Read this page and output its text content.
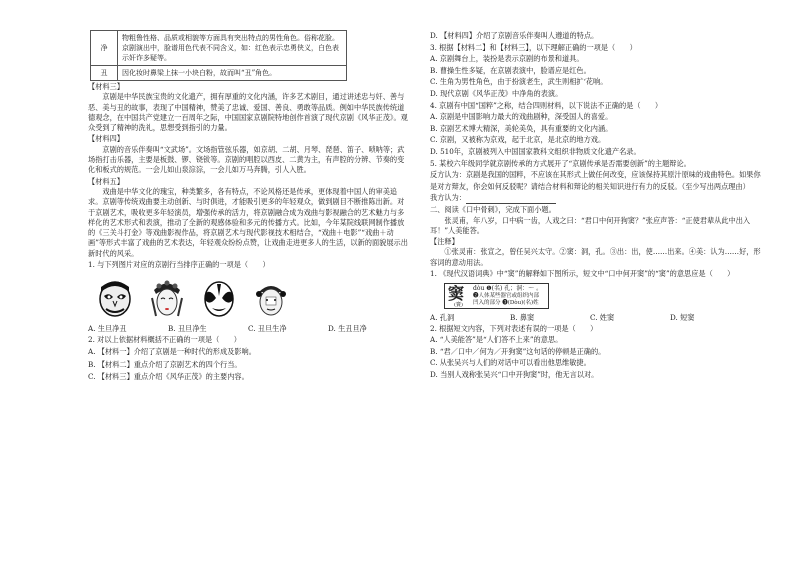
净	物粗鲁性格、品质或相貌等方面具有突出特点的男性角色。俗称花脸。京剧演出中，脸谱用色代表不同含义，如：红色表示忠勇侠义，白色表示奸诈多疑等。
丑	因化妆时鼻梁上抹一小块白粉，故而叫“丑”角色。

【材料三】

京剧是中华民族宝贵的文化遗产，拥有厚重的文化内涵，许多艺术剧目，通过讲述忠与奸、善与恶、美与丑的故事，表现了中国精神，赞美了忠诚、爱国、善良、勇敢等品质。例如中华民族传统道德观念，在中国共产党建立一百周年之际，中国国家京剧院特地创作首演了现代京剧《风华正茂》。观众受到了精神的洗礼，思想受到指引的力量。

【材料四】

京剧的音乐伴奏叫“文武场”。文场指管弦乐器，如京胡、二胡、月琴、琵琶、笛子、唢呐等；武场指打击乐器，主要是板鼓、锣、铙钹等。京剧的唱腔以西皮、二黄为主，有声腔的分辨、节奏的变化和板式的规范。一会儿如山泉淙淙，一会儿如万马奔腾，引人入胜。

【材料五】

戏曲是中华文化的瑰宝，种类繁多，各有特点，不论风格还是传承，更体现着中国人的审美追求。京剧等传统戏曲要主动创新、与时俱进，才能吸引更多的年轻观众，做到剧目不断推陈出新。对于京剧艺术，吸收更多年轻演员，增强传承的活力，将京剧融合成为戏曲与影视融合的艺术魅力与多样化的艺术形式和表演，推动了全新的观感体验和多元的传播方式。比如，今年某院线联网制作播放的《三关斗打金》等戏曲影视作品，将京剧艺术与现代影视技术相结合，“戏曲＋电影”“戏曲＋动画”等形式丰富了戏曲的艺术表达，年轻观众纷纷点赞，让戏曲走进更多人的生活，以新的面貌展示出新时代的风采。

1. 与下列图片对应的京剧行当排序正确的一项是（　　）

A. 生旦净丑	B. 丑旦净生	C. 丑旦生净	D. 生丑旦净

2. 对以上依据材料概括不正确的一项是（　　）

A. 【材料一】介绍了京剧是一种时代的形成及影响。

B. 【材料二】重点介绍了京剧艺术的四个行当。

C. 【材料三】重点介绍《风华正茂》的主要内容。

D. 【材料四】介绍了京剧音乐伴奏叫人遵道的特点。

3. 根据【材料二】和【材料三】，以下理解正确的一项是（　　）

A. 京剧舞台上，装扮是表示京剧的布景和道具。

B. 曹操生性多疑，在京剧表演中，脸谱应是红色。

C. 生角为男性角色，由于扮演老生，武生则相扩‘花响。

D. 现代京剧《风华正茂》中净角的表演。

4. 京剧有中国“国粹”之称，结合四则材料，以下说法不正确的是（　　）

A. 京剧是中国影响力最大的戏曲剧种，深受国人的喜爱。

B. 京剧艺术博大精深，美轮美奂，具有重要的文化内涵。

C. 京剧，又被称为京戏，起于北京，是北京的地方戏。

D. 510年，京剧被列入中国国家教科文组织非物质文化遗产名录。

5. 某校六年级同学就京剧传承的方式展开了“京剧传承是否需要创新”的主题辩论。

反方认为：京剧是我国的国粹，不应该在其形式上做任何改变，应该保持其原汁原味的戏曲特色。如果你是对方辩友，你会如何反驳呢？请结合材料和辩论的相关知识进行有力的反驳。（至少写出两点理由）

我方认为：

二、阅读《口中骨刺》，完成下面小题。

张灵甫，年八岁，口中病一齿，人戏之曰：“君口中何开狗窦？”张应声答：“正使君辈从此中出入耳！”人美能答。

【注释】

①张灵甫：张宣之，曾任吴兴太守。②窦：洞，孔。③出：出，使……出来。④美：认为……好，形容词的意动用法。

1. 《现代汉语词典》中“窦”的解释如下图所示，短文中“口中何开窦”的“窦”的意思应是（　　）

窦
(竇)
dòu ❶(名) 孔；洞：～ 。
❷人体某些器官或组织内部
凹入的部分 ❸(Dòu)(名)姓
A. 孔洞	B. 鼻窦	C. 姓窦	D. 短窦

2. 根据短文内容，下列对表述有误的一项是（　　）

A. “人美能答”是“人们答不上来”的意思。

B. “君／口中／何为／开狗窦”这句话的停顿是正确的。

C. 从张吴兴与人们的对话中可以看出他思维敏捷。

D. 当别人戏称张吴兴“口中开狗窦”时，他无言以对。
